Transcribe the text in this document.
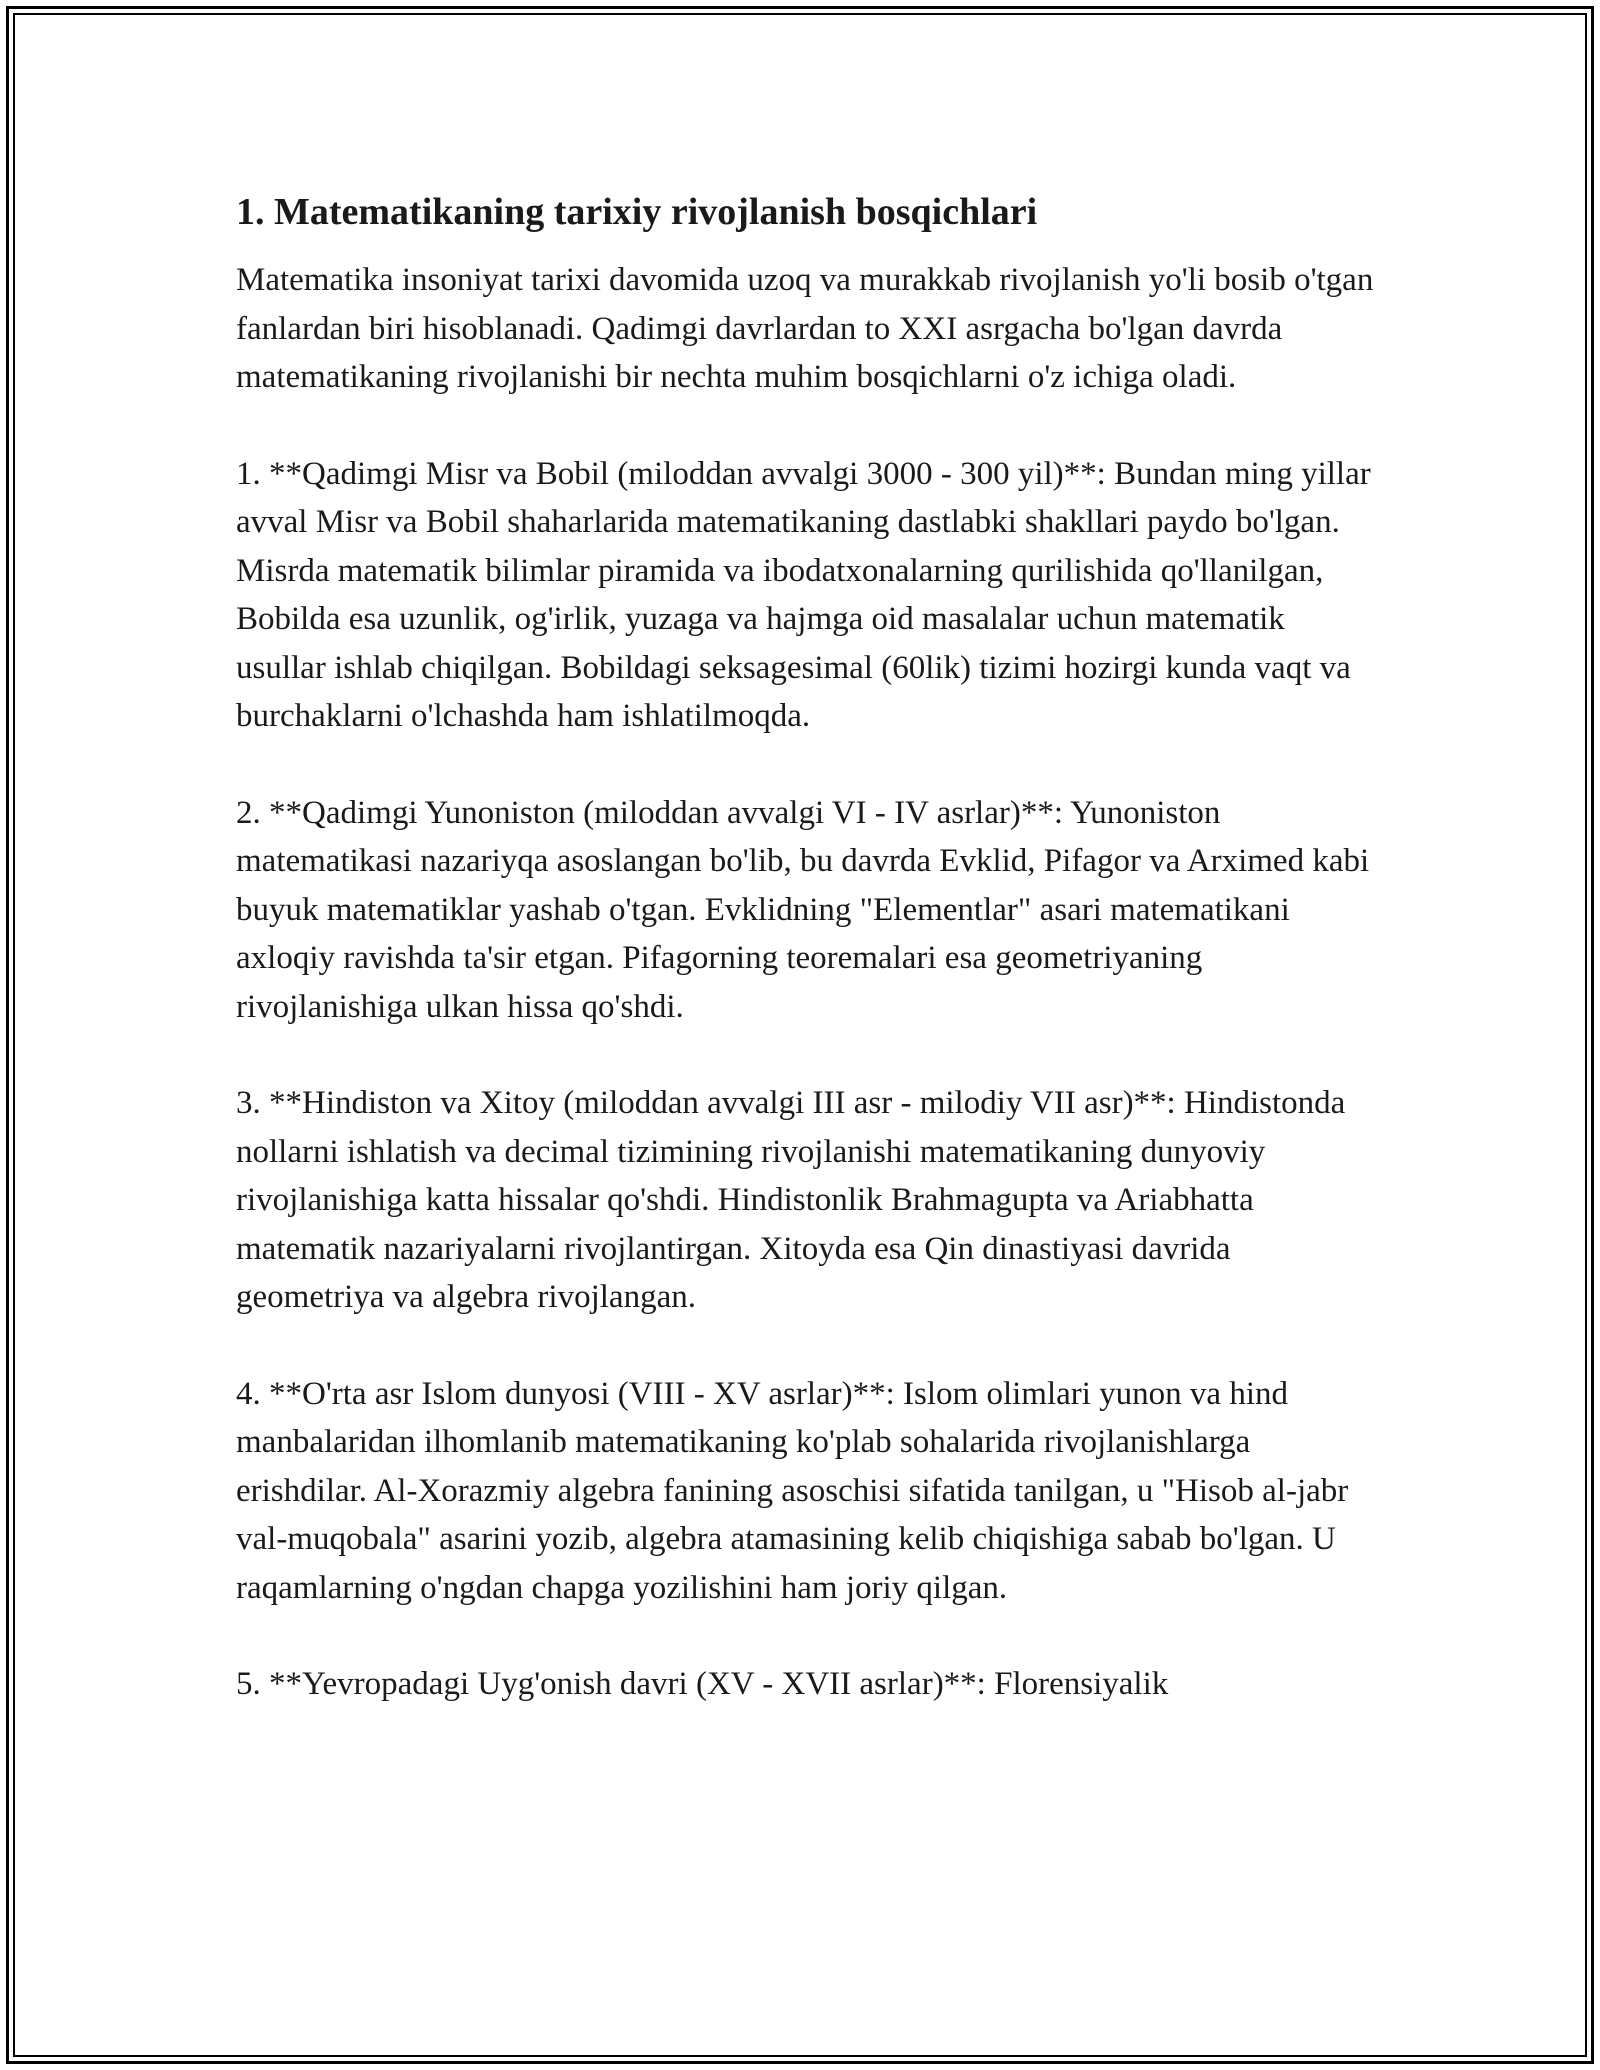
1. Matematikaning tarixiy rivojlanish bosqichlari

Matematika insoniyat tarixi davomida uzoq va murakkab rivojlanish yo'li bosib o'tgan fanlardan biri hisoblanadi. Qadimgi davrlardan to XXI asrgacha bo'lgan davrda matematikaning rivojlanishi bir nechta muhim bosqichlarni o'z ichiga oladi.

1. **Qadimgi Misr va Bobil (miloddan avvalgi 3000 - 300 yil)**: Bundan ming yillar avval Misr va Bobil shaharlarida matematikaning dastlabki shakllari paydo bo'lgan. Misrda matematik bilimlar piramida va ibodatxonalarning qurilishida qo'llanilgan, Bobilda esa uzunlik, og'irlik, yuzaga va hajmga oid masalalar uchun matematik usullar ishlab chiqilgan. Bobildagi seksagesimal (60lik) tizimi hozirgi kunda vaqt va burchaklarni o'lchashda ham ishlatilmoqda.

2. **Qadimgi Yunoniston (miloddan avvalgi VI - IV asrlar)**: Yunoniston matematikasi nazariyqa asoslangan bo'lib, bu davrda Evklid, Pifagor va Arximed kabi buyuk matematiklar yashab o'tgan. Evklidning "Elementlar" asari matematikani axloqiy ravishda ta'sir etgan. Pifagorning teoremalari esa geometriyaning rivojlanishiga ulkan hissa qo'shdi.

3. **Hindiston va Xitoy (miloddan avvalgi III asr - milodiy VII asr)**: Hindistonda nollarni ishlatish va decimal tizimining rivojlanishi matematikaning dunyoviy rivojlanishiga katta hissalar qo'shdi. Hindistonlik Brahmagupta va Ariabhatta matematik nazariyalarni rivojlantirgan. Xitoyda esa Qin dinastiyasi davrida geometriya va algebra rivojlangan.

4. **O'rta asr Islom dunyosi (VIII - XV asrlar)**: Islom olimlari yunon va hind manbalaridan ilhomlanib matematikaning ko'plab sohalarida rivojlanishlarga erishdilar. Al-Xorazmiy algebra fanining asoschisi sifatida tanilgan, u "Hisob al-jabr val-muqobala" asarini yozib, algebra atamasining kelib chiqishiga sabab bo'lgan. U raqamlarning o'ngdan chapga yozilishini ham joriy qilgan.

5. **Yevropadagi Uyg'onish davri (XV - XVII asrlar)**: Florensiyalik
